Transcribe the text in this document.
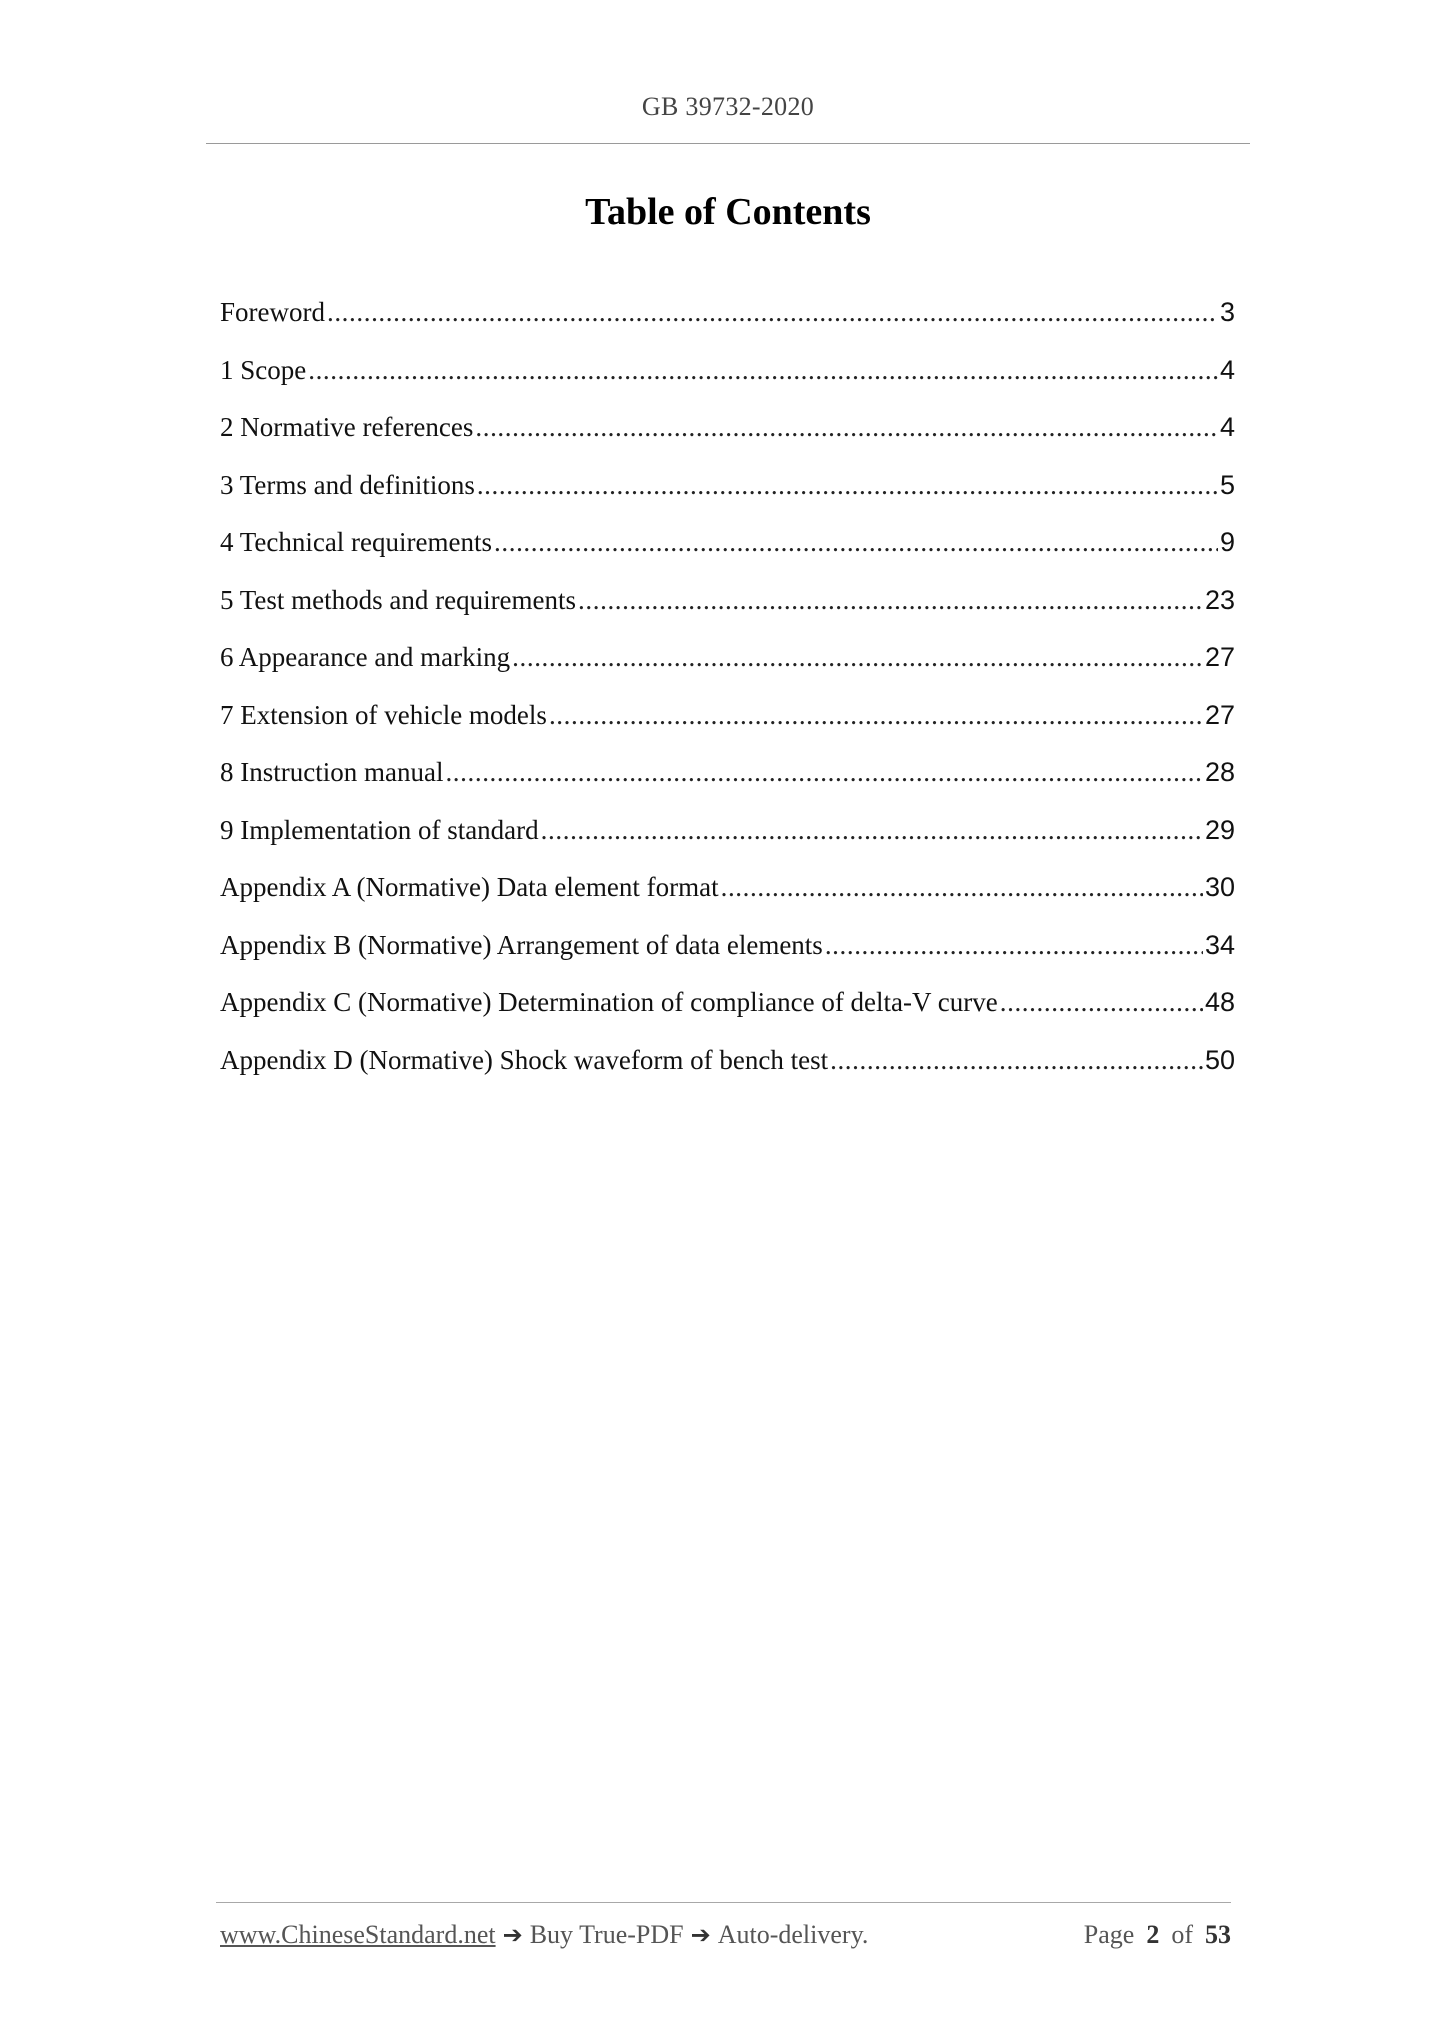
GB 39732-2020
Table of Contents
Foreword .....	3
1 Scope .....	4
2 Normative references .....	4
3 Terms and definitions .....	5
4 Technical requirements .....	9
5 Test methods and requirements .....	23
6 Appearance and marking .....	27
7 Extension of vehicle models .....	27
8 Instruction manual .....	28
9 Implementation of standard .....	29
Appendix A (Normative) Data element format .....	30
Appendix B (Normative) Arrangement of data elements .....	34
Appendix C (Normative) Determination of compliance of delta-V curve .....	48
Appendix D (Normative) Shock waveform of bench test .....	50
www.ChineseStandard.net ➔ Buy True-PDF ➔ Auto-delivery.	Page 2 of 53
